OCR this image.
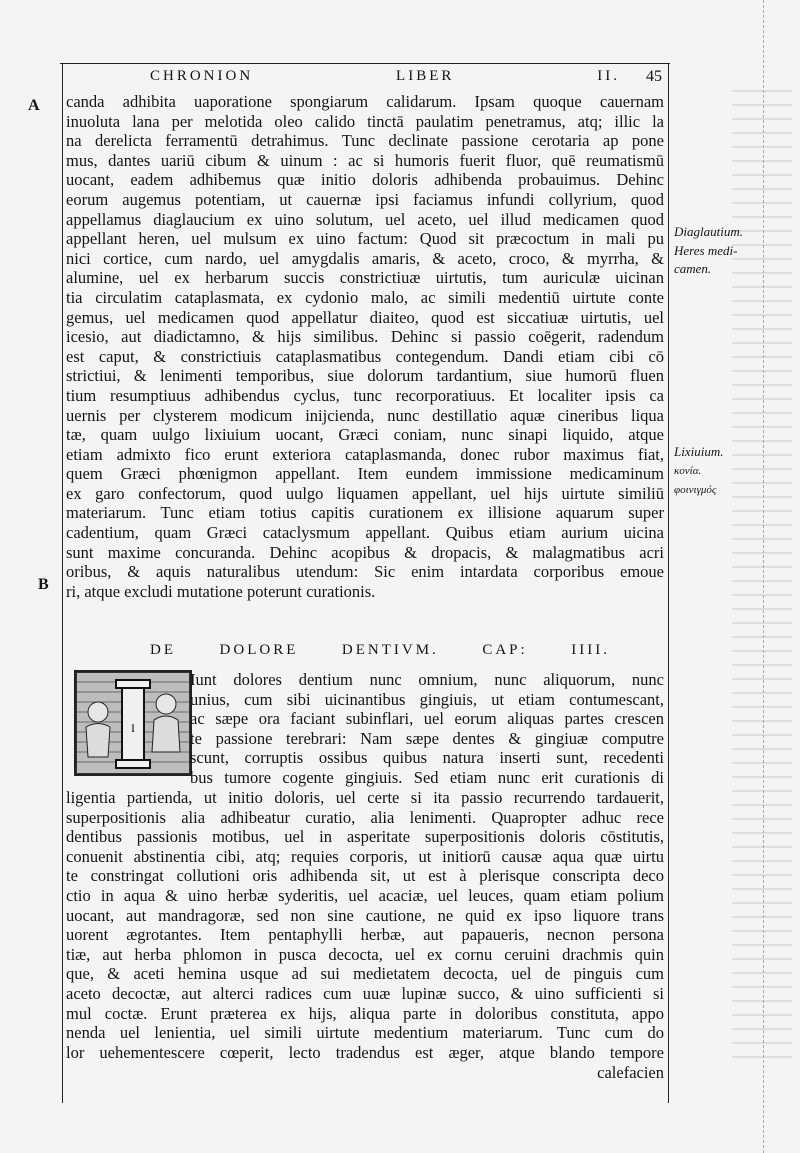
CHRONION	LIBER	II. 45
A
B
Diaglautium.
Heres medi-
camen.
Lixiuium.
κονία.
φοινιγμός
canda adhibita uaporatione spongiarum calidarum. Ipsam quoque cauernam
inuoluta lana per melotida oleo calido tinctā paulatim penetramus, atq; illic la
na derelicta ferramentū detrahimus. Tunc declinate passione cerotaria ap pone
mus, dantes uariū cibum & uinum : ac si humoris fuerit fluor, quē reumatismū
uocant, eadem adhibemus quæ initio doloris adhibenda probauimus. Dehinc
eorum augemus potentiam, ut cauernæ ipsi faciamus infundi collyrium, quod
appellamus diaglaucium ex uino solutum, uel aceto, uel illud medicamen quod
appellant heren, uel mulsum ex uino factum: Quod sit præcoctum in mali pu
nici cortice, cum nardo, uel amygdalis amaris, & aceto, croco, & myrrha, &
alumine, uel ex herbarum succis constrictiuæ uirtutis, tum auriculæ uicinan
tia circulatim cataplasmata, ex cydonio malo, ac simili medentiū uirtute conte
gemus, uel medicamen quod appellatur diaiteo, quod est siccatiuæ uirtutis, uel
icesio, aut diadictamno, & hijs similibus. Dehinc si passio coēgerit, radendum
est caput, & constrictiuis cataplasmatibus contegendum. Dandi etiam cibi cō
strictiui, & lenimenti temporibus, siue dolorum tardantium, siue humorū fluen
tium resumptiuus adhibendus cyclus, tunc recorporatiuus. Et localiter ipsis ca
uernis per clysterem modicum inijcienda, nunc destillatio aquæ cineribus liqua
tæ, quam uulgo lixiuium uocant, Græci coniam, nunc sinapi liquido, atque
etiam admixto fico erunt exteriora cataplasmanda, donec rubor maximus fiat,
quem Græci phœnigmon appellant. Item eundem immissione medicaminum
ex garo confectorum, quod uulgo liquamen appellant, uel hijs uirtute similiū
materiarum. Tunc etiam totius capitis curationem ex illisione aquarum super
cadentium, quam Græci cataclysmum appellant. Quibus etiam aurium uicina
sunt maxime concuranda. Dehinc acopibus & dropacis, & malagmatibus acri
oribus, & aquis naturalibus utendum: Sic enim intardata corporibus emoue
ri, atque excludi mutatione poterunt curationis.
DE	DOLORE	DENTIVM.	CAP:	IIII.
I
Iunt dolores dentium nunc omnium, nunc aliquorum, nunc
unius, cum sibi uicinantibus gingiuis, ut etiam contumescant,
ac sæpe ora faciant subinflari, uel eorum aliquas partes crescen
te passione terebrari: Nam sæpe dentes & gingiuæ computre
scunt, corruptis ossibus quibus natura inserti sunt, recedenti
bus tumore cogente gingiuis. Sed etiam nunc erit curationis di
ligentia partienda, ut initio doloris, uel certe si ita passio recurrendo tardauerit,
superpositionis alia adhibeatur curatio, alia lenimenti. Quapropter adhuc rece
dentibus passionis motibus, uel in asperitate superpositionis doloris cōstitutis,
conuenit abstinentia cibi, atq; requies corporis, ut initiorū causæ aqua quæ uirtu
te constringat collutioni oris adhibenda sit, ut est à plerisque conscripta deco
ctio in aqua & uino herbæ syderitis, uel acaciæ, uel leuces, quam etiam polium
uocant, aut mandragoræ, sed non sine cautione, ne quid ex ipso liquore trans
uorent ægrotantes. Item pentaphylli herbæ, aut papaueris, necnon persona
tiæ, aut herba phlomon in pusca decocta, uel ex cornu ceruini drachmis quin
que, & aceti hemina usque ad sui medietatem decocta, uel de pinguis cum
aceto decoctæ, aut alterci radices cum uuæ lupinæ succo, & uino sufficienti si
mul coctæ. Erunt præterea ex hijs, aliqua parte in doloribus constituta, appo
nenda uel lenientia, uel simili uirtute medentium materiarum. Tunc cum do
lor uehementescere cœperit, lecto tradendus est æger, atque blando tempore
calefacien
